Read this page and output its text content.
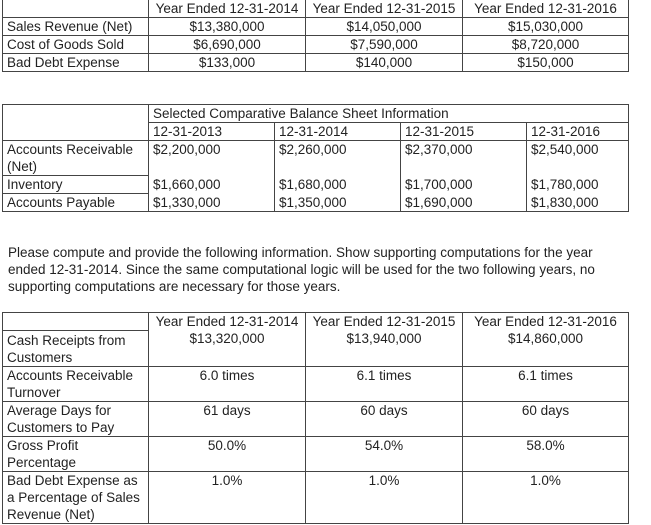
	Year Ended 12-31-2014	Year Ended 12-31-2015	Year Ended 12-31-2016
Sales Revenue (Net)	$13,380,000	$14,050,000	$15,030,000
Cost of Goods Sold	$6,690,000	$7,590,000	$8,720,000
Bad Debt Expense	$133,000	$140,000	$150,000
	Selected Comparative Balance Sheet Information			
	12-31-2013	12-31-2014	12-31-2015	12-31-2016
Accounts Receivable (Net)	$2,200,000	$2,260,000	$2,370,000	$2,540,000
Inventory	$1,660,000	$1,680,000	$1,700,000	$1,780,000
Accounts Payable	$1,330,000	$1,350,000	$1,690,000	$1,830,000
Please compute and provide the following information. Show supporting computations for the year ended 12-31-2014. Since the same computational logic will be used for the two following years, no supporting computations are necessary for those years.
	Year Ended 12-31-2014	Year Ended 12-31-2015	Year Ended 12-31-2016
Cash Receipts from Customers	$13,320,000	$13,940,000	$14,860,000
Accounts Receivable Turnover	6.0 times	6.1 times	6.1 times
Average Days for Customers to Pay	61 days	60 days	60 days
Gross Profit Percentage	50.0%	54.0%	58.0%
Bad Debt Expense as a Percentage of Sales Revenue (Net)	1.0%	1.0%	1.0%
